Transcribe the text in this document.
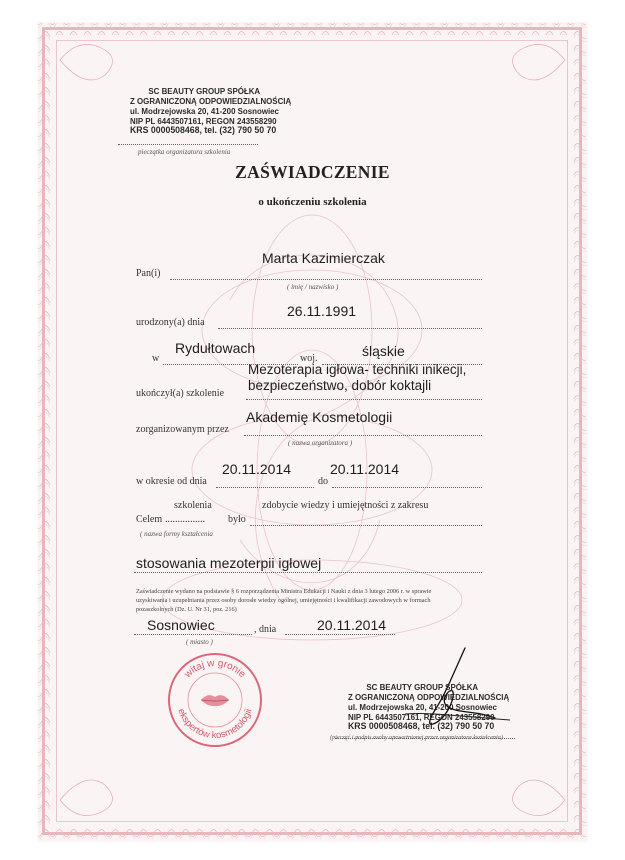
SC BEAUTY GROUP SPÓŁKA
Z OGRANICZONĄ ODPOWIEDZIALNOŚCIĄ
ul. Modrzejowska 20, 41-200 Sosnowiec
NIP PL 6443507161, REGON 243558290
KRS 0000508468, tel. (32) 790 50 70
pieczątka organizatora szkolenia
ZAŚWIADCZENIE
o ukończeniu szkolenia
Marta Kazimierczak
Pan(i)
( imię / nazwisko )
26.11.1991
urodzony(a) dnia
Rydułtowach	śląskie
w	woj.
Mezoterapia igłowa- techniki inikecji,
bezpieczeństwo, dobór koktajli
ukończył(a) szkolenie
Akademię Kosmetologii
zorganizowanym przez
( nazwa organizatora )
20.11.2014	20.11.2014
w okresie od dnia	do
szkolenia	zdobycie wiedzy i umiejętności z zakresu
Celem ................ było
( nazwa formy kształcenia
stosowania mezoterpii igłowej
Zaświadczenie wydano na podstawie § 6 rozporządzenia Ministra Edukacji i Nauki z dnia 3 lutego 2006 r. w sprawie
uzyskiwania i uzupełniania przez osoby dorosłe wiedzy ogólnej, umiejętności i kwalifikacji zawodowych w formach
pozaszkolnych (Dz. U. Nr 31, poz. 216)
Sosnowiec	, dnia	20.11.2014
( miasto )
witaj w gronie
ekspertów kosmetologii
SC BEAUTY GROUP SPÓŁKA
Z OGRANICZONĄ ODPOWIEDZIALNOŚCIĄ
ul. Modrzejowska 20, 41-200 Sosnowiec
NIP PL 6443507161, REGON 243558290
KRS 0000508468, tel. (32) 790 50 70
(pieczęć i podpis osoby upoważnionej przez organizatora kształcenia)
